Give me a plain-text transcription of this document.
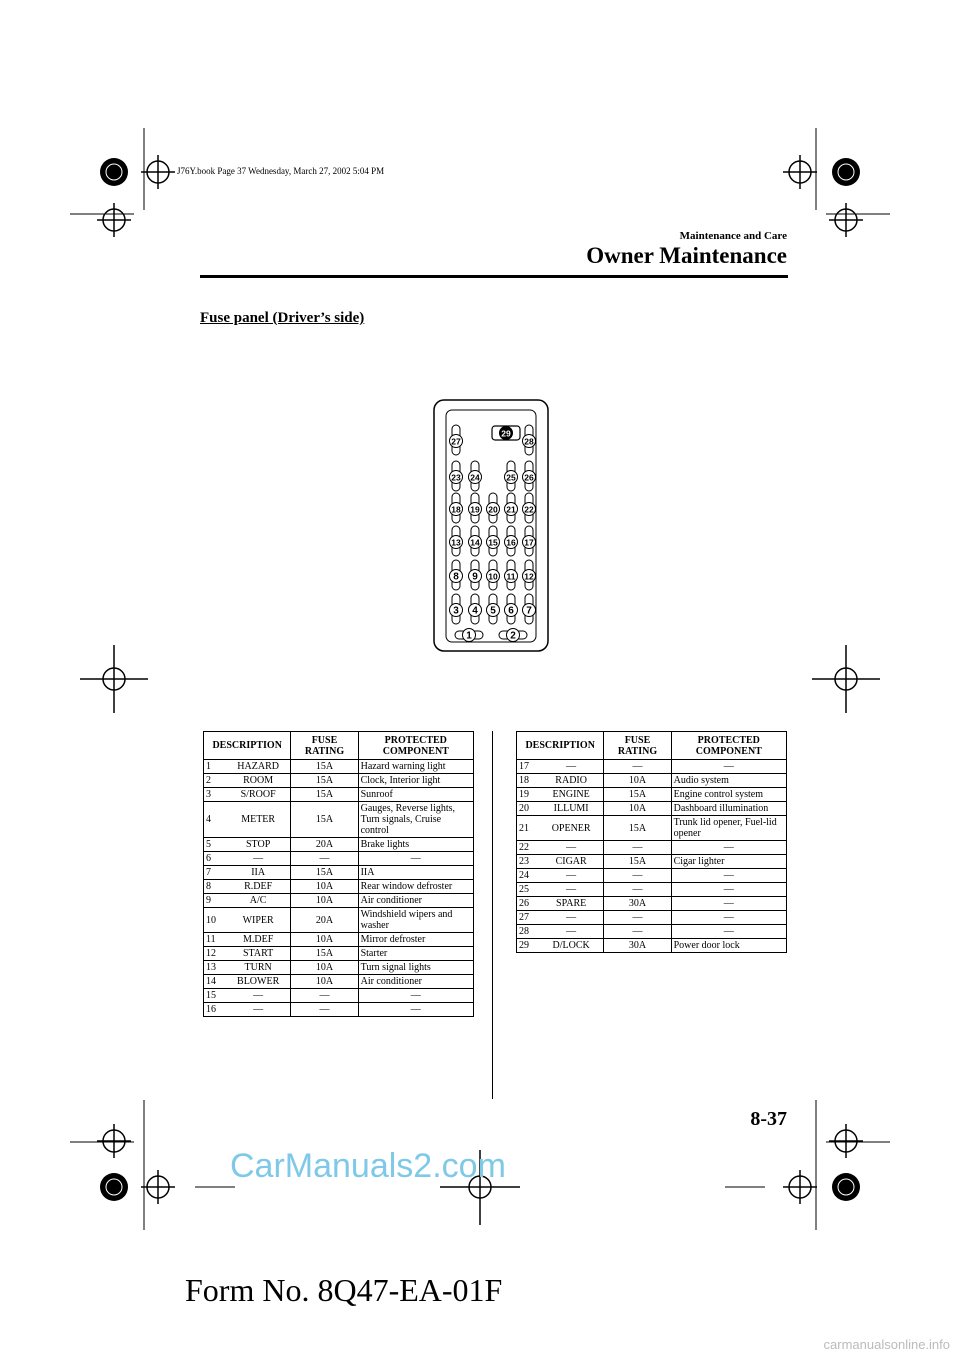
J76Y.book Page 37 Wednesday, March 27, 2002 5:04 PM
Maintenance and Care
Owner Maintenance
Fuse panel (Driver’s side)
1	2
3 4 5 6 7
8 9 10 11 12
13 14 15 16 17
18 19 20 21 22
23 24	25 26
27	28
29
DESCRIPTION		FUSE RATING	PROTECTED COMPONENT
1	HAZARD	15A	Hazard warning light
2	ROOM	15A	Clock, Interior light
3	S/ROOF	15A	Sunroof
4	METER	15A	Gauges, Reverse lights, Turn signals, Cruise control
5	STOP	20A	Brake lights
6	—	—	—
7	IIA	15A	IIA
8	R.DEF	10A	Rear window defroster
9	A/C	10A	Air conditioner
10	WIPER	20A	Windshield wipers and washer
11	M.DEF	10A	Mirror defroster
12	START	15A	Starter
13	TURN	10A	Turn signal lights
14	BLOWER	10A	Air conditioner
15	—	—	—
16	—	—	—
DESCRIPTION		FUSE RATING	PROTECTED COMPONENT
17	—	—	—
18	RADIO	10A	Audio system
19	ENGINE	15A	Engine control system
20	ILLUMI	10A	Dashboard illumination
21	OPENER	15A	Trunk lid opener, Fuel-lid opener
22	—	—	—
23	CIGAR	15A	Cigar lighter
24	—	—	—
25	—	—	—
26	SPARE	30A	—
27	—	—	—
28	—	—	—
29	D/LOCK	30A	Power door lock
8-37
CarManuals2.com
Form No. 8Q47-EA-01F
carmanualsonline.info
